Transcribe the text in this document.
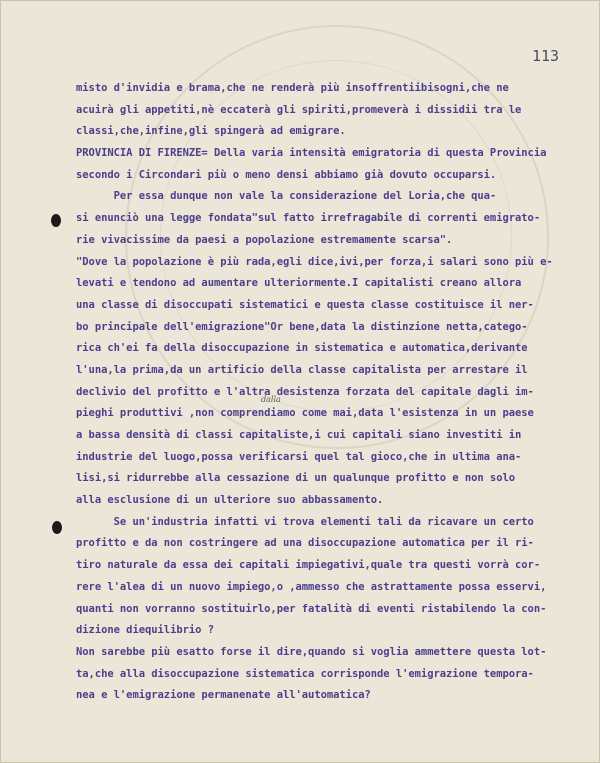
113
dalla
misto d'invidia e brama,che ne renderà più insoffrentiibisogni,che ne
acuirà gli appetiti,nè eccaterà gli spiriti,promeverà i dissidii tra le
classi,che,infine,gli spingerà ad emigrare.
PROVINCIA DI FIRENZE= Della varia intensità emigratoria di questa Provincia
secondo i Circondari più o meno densi abbiamo già dovuto occuparsi.
Per essa dunque non vale la considerazione del Loria,che qua-
si enunciò una legge fondata"sul fatto irrefragabile di correnti emigrato-
rie vivacissime da paesi a popolazione estremamente scarsa".
"Dove la popolazione è più rada,egli dice,ivi,per forza,i salari sono più e-
levati e tendono ad aumentare ulteriormente.I capitalisti creano allora
una classe di disoccupati sistematici e questa classe costituisce il ner-
bo principale dell'emigrazione"Or bene,data la distinzione netta,catego-
rica ch'ei fa della disoccupazione in sistematica e automatica,derivante
l'una,la prima,da un artificio della classe capitalista per arrestare il
declivio del profitto e l'altra desistenza forzata del capitale dagli im-
pieghi produttivi ,non comprendiamo come mai,data l'esistenza in un paese
a bassa densità di classi capitaliste,i cui capitali siano investiti in
industrie del luogo,possa verificarsi quel tal gioco,che in ultima ana-
lisi,si ridurrebbe alla cessazione di un qualunque profitto e non solo
alla esclusione di un ulteriore suo abbassamento.
Se un'industria infatti vi trova elementi tali da ricavare un certo
profitto e da non costringere ad una disoccupazione automatica per il ri-
tiro naturale da essa dei capitali impiegativi,quale tra questi vorrà cor-
rere l'alea di un nuovo impiego,o ,ammesso che astrattamente possa esservi,
quanti non vorranno sostituirlo,per fatalità di eventi ristabilendo la con-
dizione diequilibrio ?
Non sarebbe più esatto forse il dire,quando si voglia ammettere questa lot-
ta,che alla disoccupazione sistematica corrisponde l'emigrazione tempora-
nea e l'emigrazione permanenate all'automatica?
